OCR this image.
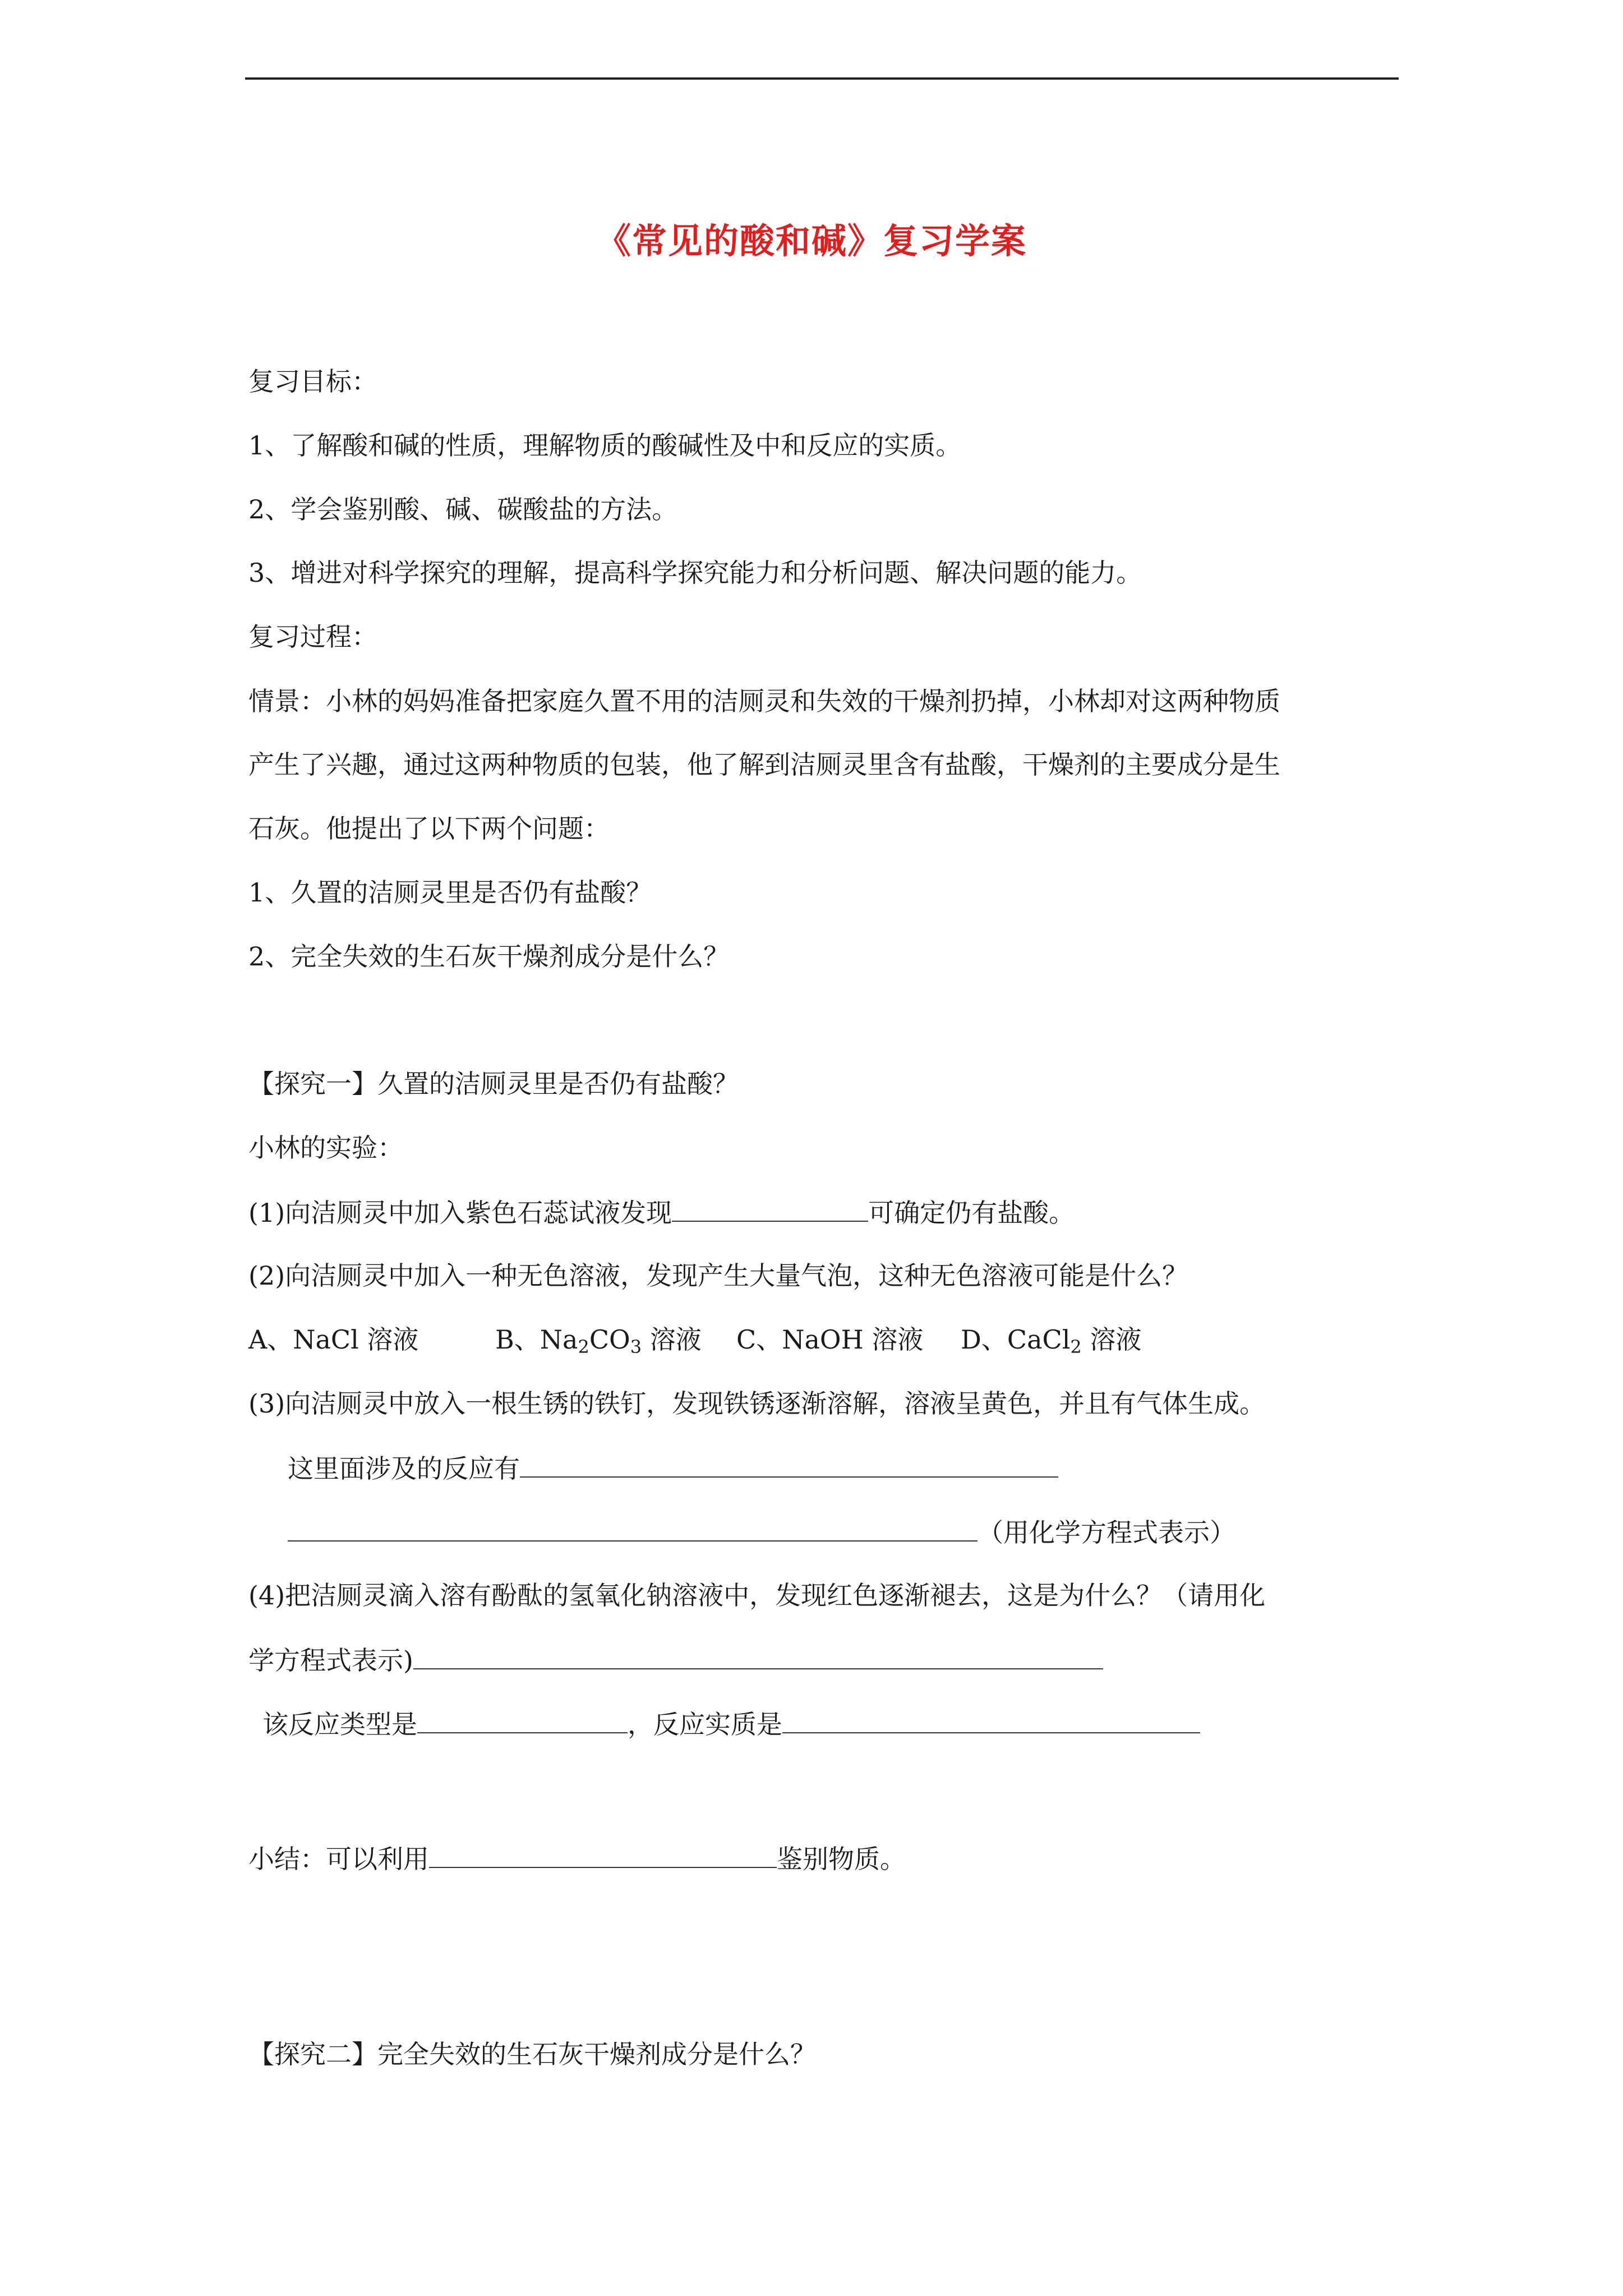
《常见的酸和碱》复习学案
复习目标：
1、了解酸和碱的性质，理解物质的酸碱性及中和反应的实质。
2、学会鉴别酸、碱、碳酸盐的方法。
3、增进对科学探究的理解，提高科学探究能力和分析问题、解决问题的能力。
复习过程：
情景：小林的妈妈准备把家庭久置不用的洁厕灵和失效的干燥剂扔掉，小林却对这两种物质
产生了兴趣，通过这两种物质的包装，他了解到洁厕灵里含有盐酸，干燥剂的主要成分是生
石灰。他提出了以下两个问题：
1、久置的洁厕灵里是否仍有盐酸？
2、完全失效的生石灰干燥剂成分是什么？
【探究一】久置的洁厕灵里是否仍有盐酸？
小林的实验：
(1)向洁厕灵中加入紫色石蕊试液发现	可确定仍有盐酸。
(2)向洁厕灵中加入一种无色溶液，发现产生大量气泡，这种无色溶液可能是什么？
A、NaCl 溶液	B、$Na_2CO_3$ 溶液 C、NaOH 溶液 D、CaCl$_2$ 溶液
(3)向洁厕灵中放入一根生锈的铁钉，发现铁锈逐渐溶解，溶液呈黄色，并且有气体生成。
这里面涉及的反应有
（用化学方程式表示）
(4)把洁厕灵滴入溶有酚酞的氢氧化钠溶液中，发现红色逐渐褪去，这是为什么？（请用化
学方程式表示)
该反应类型是	，反应实质是
小结：可以利用	鉴别物质。
【探究二】完全失效的生石灰干燥剂成分是什么？
